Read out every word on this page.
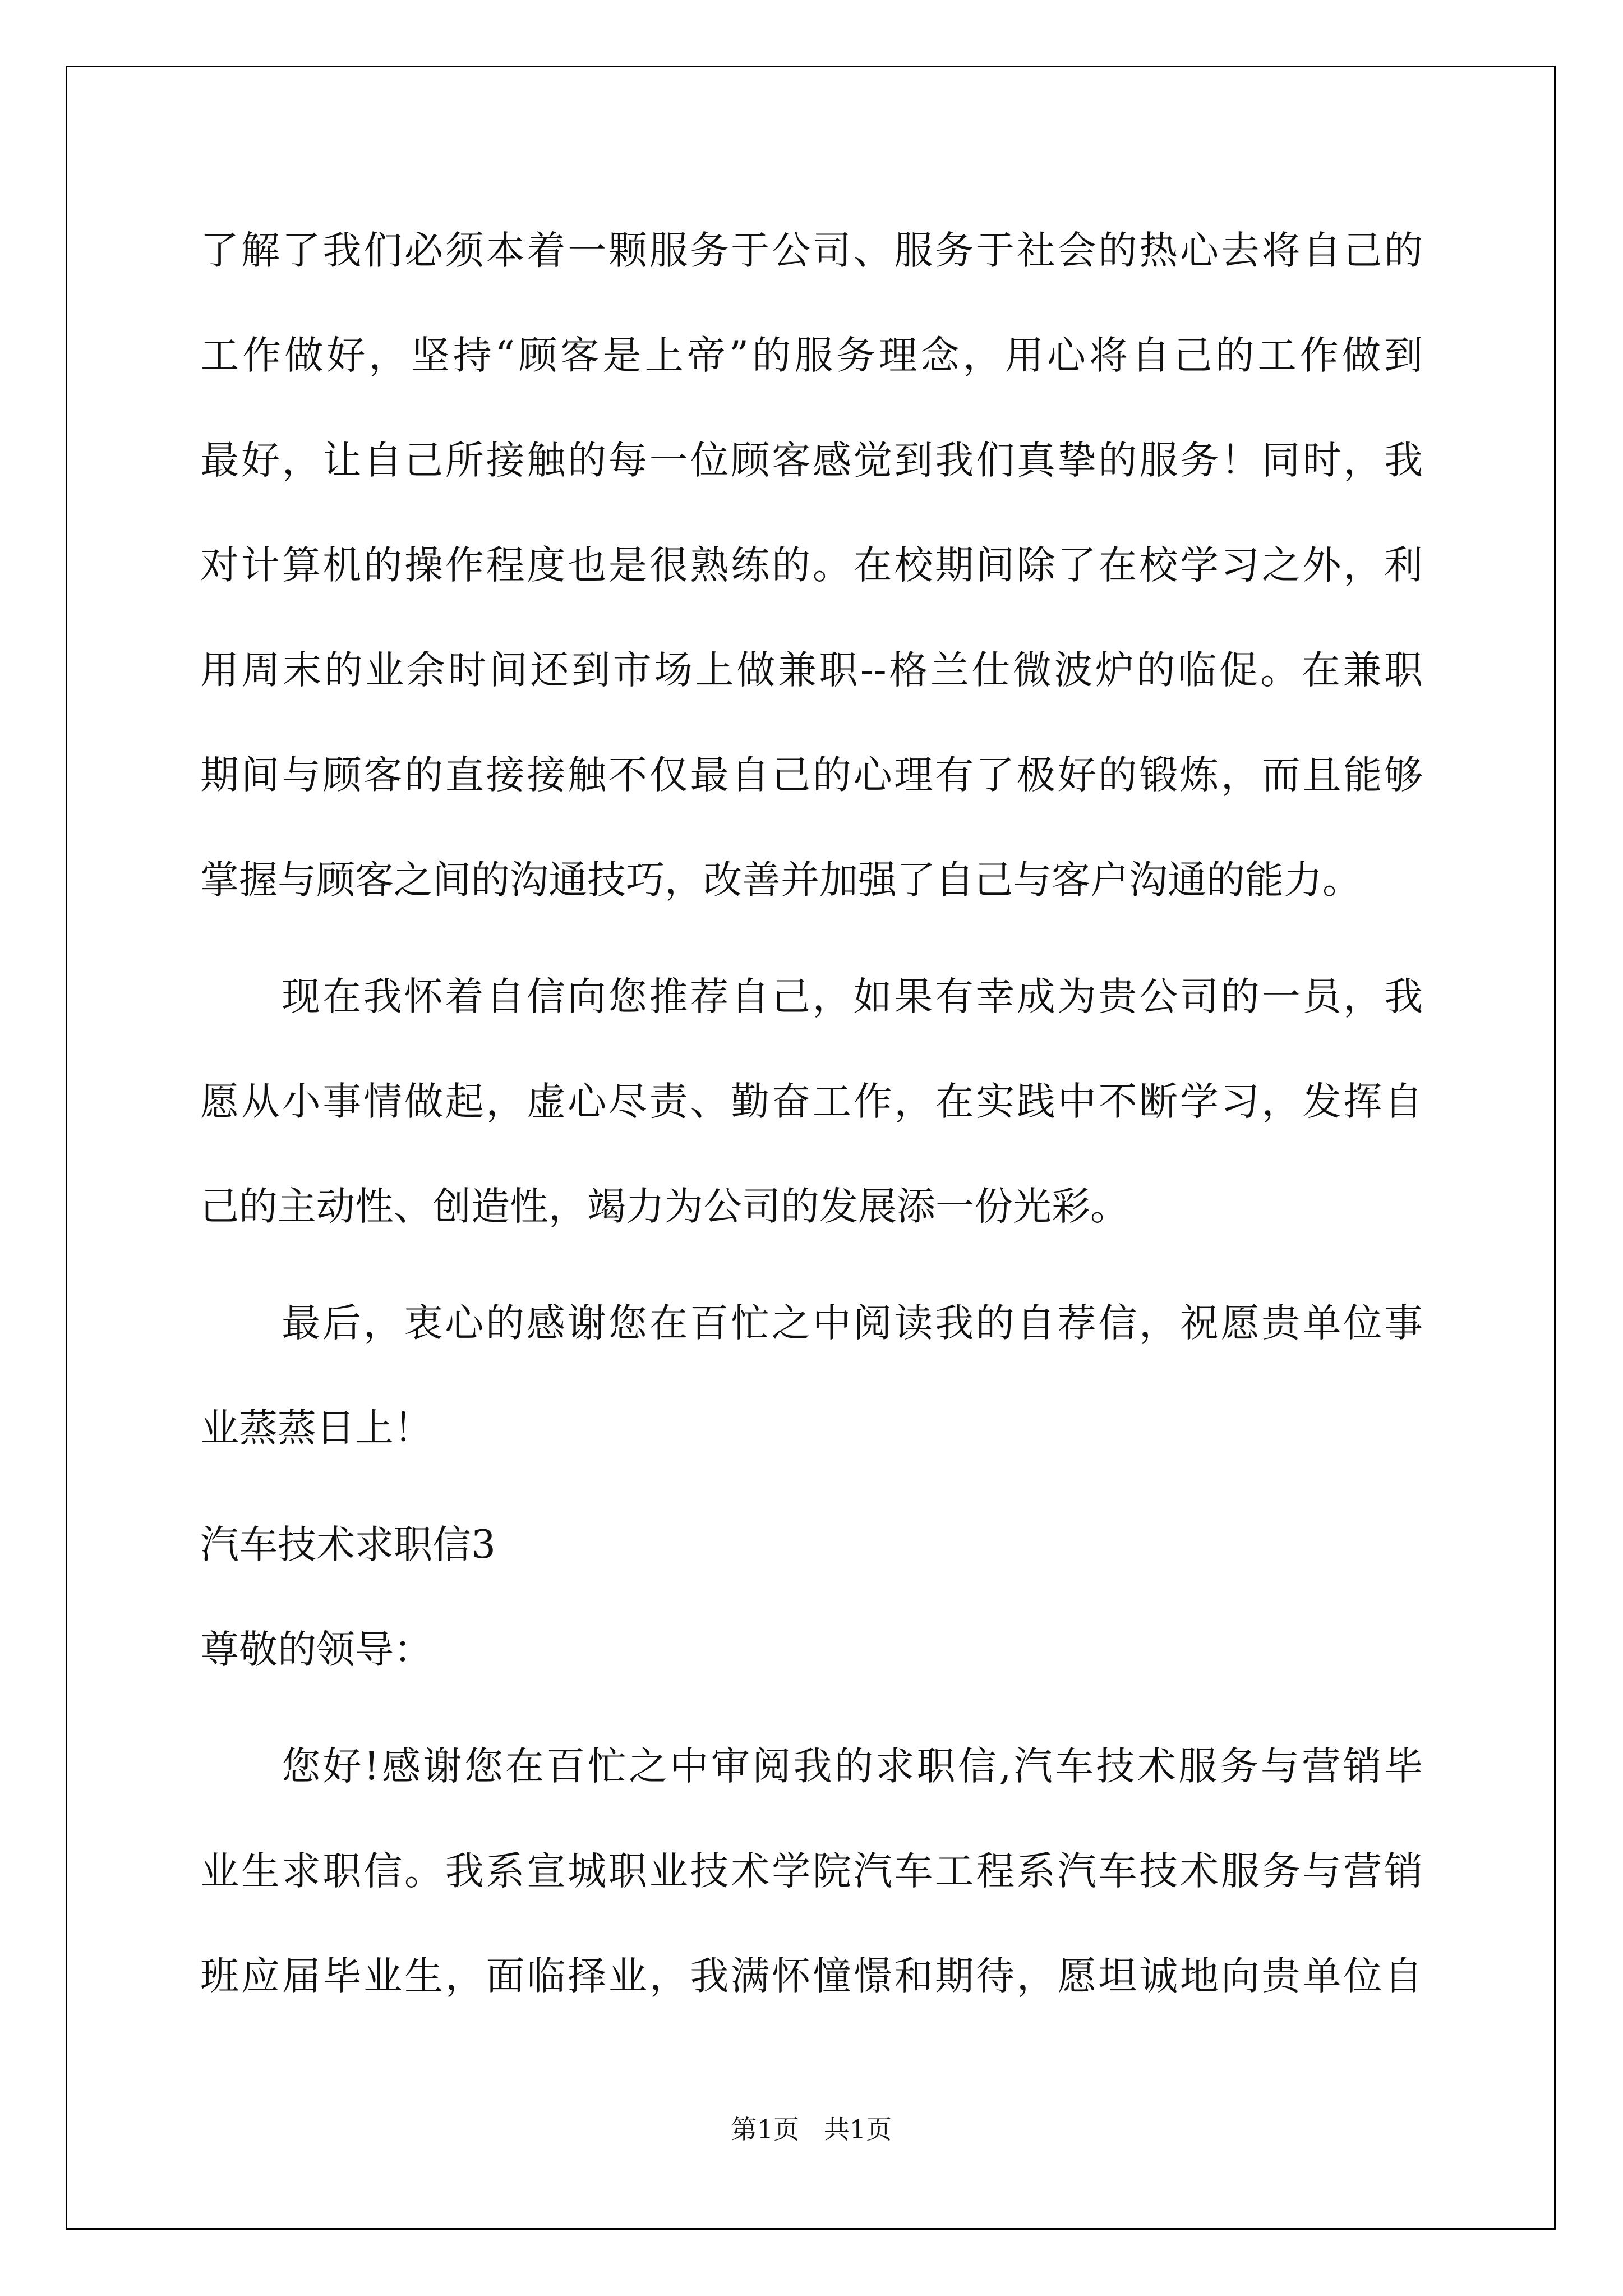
了解了我们必须本着一颗服务于公司、服务于社会的热心去将自己的
工作做好，坚持“顾客是上帝”的服务理念，用心将自己的工作做到
最好，让自己所接触的每一位顾客感觉到我们真挚的服务！同时，我
对计算机的操作程度也是很熟练的。在校期间除了在校学习之外，利
用周末的业余时间还到市场上做兼职--格兰仕微波炉的临促。在兼职
期间与顾客的直接接触不仅最自己的心理有了极好的锻炼，而且能够
掌握与顾客之间的沟通技巧，改善并加强了自己与客户沟通的能力。
现在我怀着自信向您推荐自己，如果有幸成为贵公司的一员，我
愿从小事情做起，虚心尽责、勤奋工作，在实践中不断学习，发挥自
己的主动性、创造性，竭力为公司的发展添一份光彩。
最后，衷心的感谢您在百忙之中阅读我的自荐信，祝愿贵单位事
业蒸蒸日上！
汽车技术求职信3
尊敬的领导：
您好!感谢您在百忙之中审阅我的求职信,汽车技术服务与营销毕
业生求职信。我系宣城职业技术学院汽车工程系汽车技术服务与营销
班应届毕业生，面临择业，我满怀憧憬和期待，愿坦诚地向贵单位自
第1页   共1页
